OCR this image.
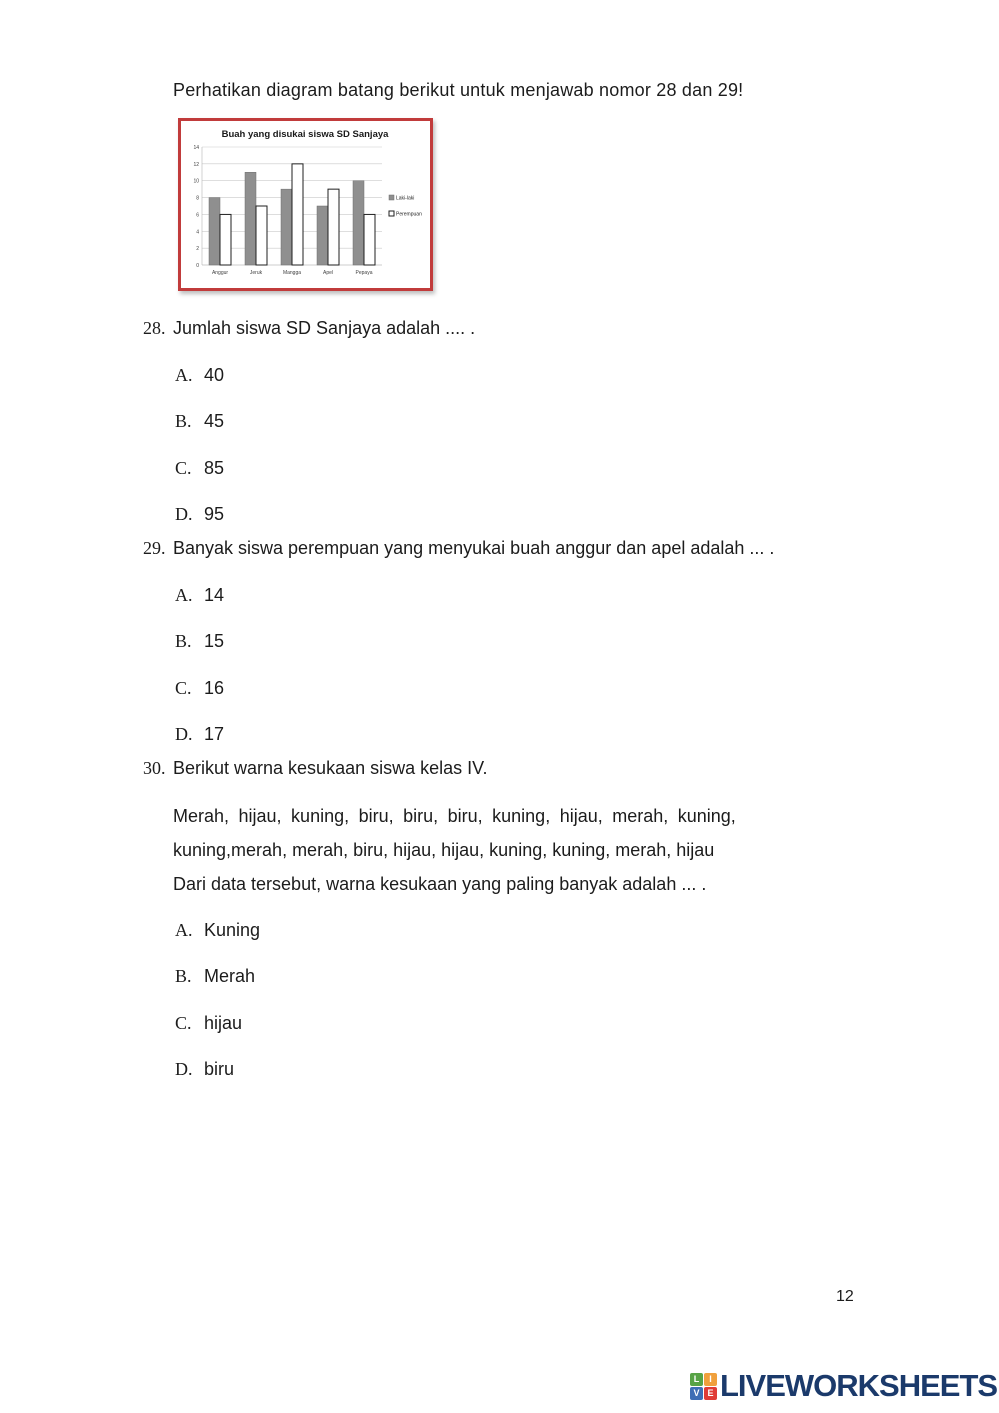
Perhatikan diagram batang berikut untuk menjawab nomor 28 dan 29!
Buah yang disukai siswa SD Sanjaya
0
2
4
6
8
10
12
14
Anggur	Jeruk	Mangga	Apel	Pepaya
Laki-laki
Perempuan
28. Jumlah siswa SD Sanjaya adalah .... .
A. 40
B. 45
C. 85
D. 95
29. Banyak siswa perempuan yang menyukai buah anggur dan apel adalah ... .
A. 14
B. 15
C. 16
D. 17
30. Berikut warna kesukaan siswa kelas IV.
Merah, hijau, kuning, biru, biru, biru, kuning, hijau, merah, kuning,
kuning,merah, merah, biru, hijau, hijau, kuning, kuning, merah, hijau
Dari data tersebut, warna kesukaan yang paling banyak adalah ... .
A. Kuning
B. Merah
C. hijau
D. biru
12
L	I
V E LIVEWORKSHEETS
